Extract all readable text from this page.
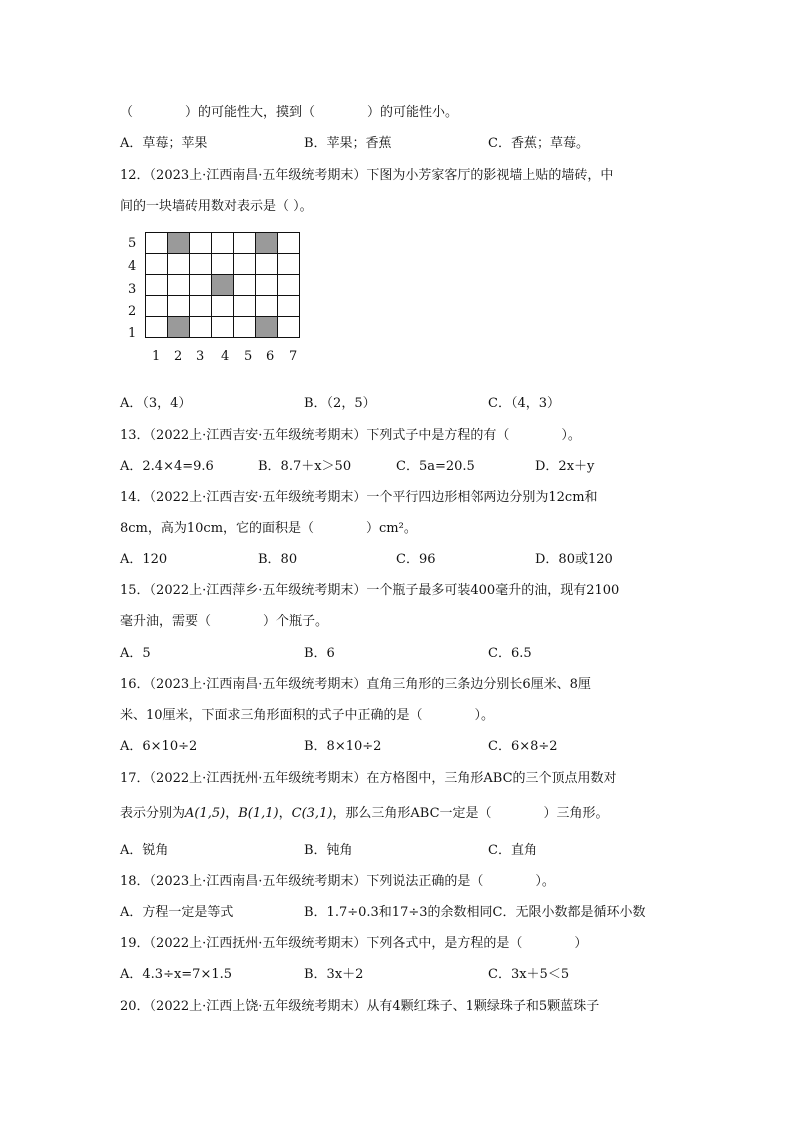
（　　　　）的可能性大，摸到（　　　　）的可能性小。
A．草莓；苹果	B．苹果；香蕉	C．香蕉；草莓。
12．（2023上·江西南昌·五年级统考期末）下图为小芳家客厅的影视墙上贴的墙砖，中
间的一块墙砖用数对表示是（ ）。
5
4
3
2
1

1 2 3 4 5 6 7
A．（3，4）	B．（2，5）	C．（4，3）
13．（2022上·江西吉安·五年级统考期末）下列式子中是方程的有（　　　　）。
A．2.4×4=9.6	B．8.7＋x＞50	C．5a=20.5	D．2x＋y
14．（2022上·江西吉安·五年级统考期末）一个平行四边形相邻两边分别为12cm和
8cm，高为10cm，它的面积是（　　　　）cm²。
A．120	B．80	C．96	D．80或120
15．（2022上·江西萍乡·五年级统考期末）一个瓶子最多可装400毫升的油，现有2100
毫升油，需要（　　　　）个瓶子。
A．5	B．6	C．6.5
16．（2023上·江西南昌·五年级统考期末）直角三角形的三条边分别长6厘米、8厘
米、10厘米，下面求三角形面积的式子中正确的是（　　　　）。
A．6×10÷2	B．8×10÷2	C．6×8÷2
17．（2022上·江西抚州·五年级统考期末）在方格图中，三角形ABC的三个顶点用数对
表示分别为A(1,5)，B(1,1)，C(3,1)，那么三角形ABC一定是（　　　　）三角形。
A．锐角	B．钝角	C．直角
18．（2023上·江西南昌·五年级统考期末）下列说法正确的是（　　　　）。
A．方程一定是等式	B．1.7÷0.3和17÷3的余数相同C．无限小数都是循环小数
19．（2022上·江西抚州·五年级统考期末）下列各式中，是方程的是（　　　　）
A．4.3÷x=7×1.5	B．3x＋2	C．3x＋5＜5
20．（2022上·江西上饶·五年级统考期末）从有4颗红珠子、1颗绿珠子和5颗蓝珠子
